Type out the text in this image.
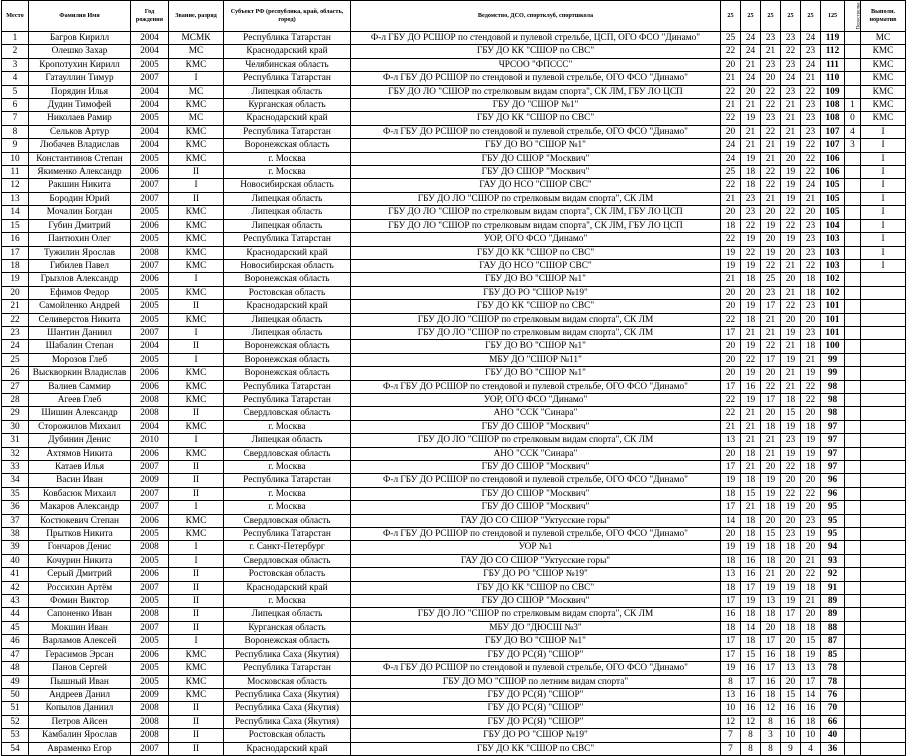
Место	Фамилия Имя	Год рождения	Звание, разряд	Субъект РФ (республика, край, область, город)	Ведомство, ДСО, спортклуб, спортшкола	25	25	25	25	25	125	Перестрелка	Выполн. норматив
1	Багров Кирилл	2004	МСМК	Республика Татарстан	Ф-л ГБУ ДО РСШОР по стендовой и пулевой стрельбе, ЦСП, ОГО ФСО "Динамо"	25	24	23	23	24	119		МС
2	Олешко Захар	2004	МС	Краснодарский край	ГБУ ДО КК "СШОР по СВС"	22	24	21	22	23	112		КМС
3	Кропотухин Кирилл	2005	КМС	Челябинская область	ЧРСОО "ФПССС"	20	21	23	23	24	111		КМС
4	Гатауллин Тимур	2007	I	Республика Татарстан	Ф-л ГБУ ДО РСШОР по стендовой и пулевой стрельбе, ОГО ФСО "Динамо"	21	24	20	24	21	110		КМС
5	Порядин Илья	2004	МС	Липецкая область	ГБУ ДО ЛО "СШОР по стрелковым видам спорта", СК ЛМ, ГБУ ЛО ЦСП	22	20	22	23	22	109		КМС
6	Дудин Тимофей	2004	КМС	Курганская область	ГБУ ДО "СШОР №1"	21	21	22	21	23	108	1	КМС
7	Николаев Рамир	2005	МС	Краснодарский край	ГБУ ДО КК "СШОР по СВС"	22	19	23	21	23	108	0	КМС
8	Сельков Артур	2004	КМС	Республика Татарстан	Ф-л ГБУ ДО РСШОР по стендовой и пулевой стрельбе, ОГО ФСО "Динамо"	20	21	22	21	23	107	4	I
9	Любачев Владислав	2004	КМС	Воронежская область	ГБУ ДО ВО "СШОР №1"	24	21	21	19	22	107	3	I
10	Константинов Степан	2005	КМС	г. Москва	ГБУ ДО СШОР "Москвич"	24	19	21	20	22	106		I
11	Якименко Александр	2006	II	г. Москва	ГБУ ДО СШОР "Москвич"	25	18	22	19	22	106		I
12	Ракшин Никита	2007	I	Новосибирская область	ГАУ ДО НСО "СШОР СВС"	22	18	22	19	24	105		I
13	Бородин Юрий	2007	II	Липецкая область	ГБУ ДО ЛО "СШОР по стрелковым видам спорта", СК ЛМ	21	23	21	19	21	105		I
14	Мочалин Богдан	2005	КМС	Липецкая область	ГБУ ДО ЛО "СШОР по стрелковым видам спорта", СК ЛМ, ГБУ ЛО ЦСП	20	23	20	22	20	105		I
15	Губин Дмитрий	2006	КМС	Липецкая область	ГБУ ДО ЛО "СШОР по стрелковым видам спорта", СК ЛМ, ГБУ ЛО ЦСП	18	22	19	22	23	104		I
16	Пантюхин Олег	2005	КМС	Республика Татарстан	УОР, ОГО ФСО "Динамо"	22	19	20	19	23	103		I
17	Тужилин Ярослав	2008	КМС	Краснодарский край	ГБУ ДО КК "СШОР по СВС"	19	22	19	20	23	103		I
18	Гибилев Павел	2007	КМС	Новосибирская область	ГАУ ДО НСО "СШОР СВС"	19	19	22	21	22	103		I
19	Грызлов Александр	2006	I	Воронежская область	ГБУ ДО ВО "СШОР №1"	21	18	25	20	18	102		
20	Ефимов Федор	2005	КМС	Ростовская область	ГБУ ДО РО "СШОР №19"	20	20	23	21	18	102		
21	Самойленко Андрей	2005	II	Краснодарский край	ГБУ ДО КК "СШОР по СВС"	20	19	17	22	23	101		
22	Селиверстов Никита	2005	КМС	Липецкая область	ГБУ ДО ЛО "СШОР по стрелковым видам спорта", СК ЛМ	22	18	21	20	20	101		
23	Шантин Даниил	2007	I	Липецкая область	ГБУ ДО ЛО "СШОР по стрелковым видам спорта", СК ЛМ	17	21	21	19	23	101		
24	Шабалин Степан	2004	II	Воронежская область	ГБУ ДО ВО "СШОР №1"	20	19	22	21	18	100		
25	Морозов Глеб	2005	I	Воронежская область	МБУ ДО "СШОР №11"	20	22	17	19	21	99		
26	Выскворкин Владислав	2006	КМС	Воронежская область	ГБУ ДО ВО "СШОР №1"	20	19	20	21	19	99		
27	Валиев Саммир	2006	КМС	Республика Татарстан	Ф-л ГБУ ДО РСШОР по стендовой и пулевой стрельбе, ОГО ФСО "Динамо"	17	16	22	21	22	98		
28	Агеев Глеб	2008	КМС	Республика Татарстан	УОР, ОГО ФСО "Динамо"	22	19	17	18	22	98		
29	Шишин Александр	2008	II	Свердловская область	АНО "ССК "Синара"	22	21	20	15	20	98		
30	Сторожилов Михаил	2004	КМС	г. Москва	ГБУ ДО СШОР "Москвич"	21	21	18	19	18	97		
31	Дубинин Денис	2010	I	Липецкая область	ГБУ ДО ЛО "СШОР по стрелковым видам спорта", СК ЛМ	13	21	21	23	19	97		
32	Ахтямов Никита	2006	КМС	Свердловская область	АНО "ССК "Синара"	20	18	21	19	19	97		
33	Катаев Илья	2007	II	г. Москва	ГБУ ДО СШОР "Москвич"	17	21	20	22	18	97		
34	Васин Иван	2009	II	Республика Татарстан	Ф-л ГБУ ДО РСШОР по стендовой и пулевой стрельбе, ОГО ФСО "Динамо"	19	18	19	20	20	96		
35	Ковбасюк Михаил	2007	II	г. Москва	ГБУ ДО СШОР "Москвич"	18	15	19	22	22	96		
36	Макаров Александр	2007	I	г. Москва	ГБУ ДО СШОР "Москвич"	17	21	18	19	20	95		
37	Костюкевич Степан	2006	КМС	Свердловская область	ГАУ ДО СО СШОР "Уктусские горы"	14	18	20	20	23	95		
38	Прытков Никита	2005	КМС	Республика Татарстан	Ф-л ГБУ ДО РСШОР по стендовой и пулевой стрельбе, ОГО ФСО "Динамо"	20	18	15	23	19	95		
39	Гончаров Денис	2008	I	г. Санкт-Петербург	УОР №1	19	19	18	18	20	94		
40	Кочурин Никита	2005	I	Свердловская область	ГАУ ДО СО СШОР "Уктусские горы"	18	16	18	20	21	93		
41	Серый Дмитрий	2006	II	Ростовская область	ГБУ ДО РО "СШОР №19"	13	16	21	20	22	92		
42	Россихин Артём	2007	II	Краснодарский край	ГБУ ДО КК "СШОР по СВС"	18	17	19	19	18	91		
43	Фомин Виктор	2005	II	г. Москва	ГБУ ДО СШОР "Москвич"	17	19	13	19	21	89		
44	Сапоненко Иван	2008	II	Липецкая область	ГБУ ДО ЛО "СШОР по стрелковым видам спорта", СК ЛМ	16	18	18	17	20	89		
45	Мокшин Иван	2007	II	Курганская область	МБУ ДО "ДЮСШ №3"	18	14	20	18	18	88		
46	Варламов Алексей	2005	I	Воронежская область	ГБУ ДО ВО "СШОР №1"	17	18	17	20	15	87		
47	Герасимов Эрсан	2006	КМС	Республика Саха (Якутия)	ГБУ ДО РС(Я) "СШОР"	17	15	16	18	19	85		
48	Панов Сергей	2005	КМС	Республика Татарстан	Ф-л ГБУ ДО РСШОР по стендовой и пулевой стрельбе, ОГО ФСО "Динамо"	19	16	17	13	13	78		
49	Пышный Иван	2005	КМС	Московская область	ГБУ ДО МО "СШОР по летним видам спорта"	8	17	16	20	17	78		
50	Андреев Данил	2009	КМС	Республика Саха (Якутия)	ГБУ ДО РС(Я) "СШОР"	13	16	18	15	14	76		
51	Копылов Даниил	2008	II	Республика Саха (Якутия)	ГБУ ДО РС(Я) "СШОР"	10	16	12	16	16	70		
52	Петров Айсен	2008	II	Республика Саха (Якутия)	ГБУ ДО РС(Я) "СШОР"	12	12	8	16	18	66		
53	Камбалин Ярослав	2008	II	Ростовская область	ГБУ ДО РО "СШОР №19"	7	8	3	10	10	40		
54	Авраменко Егор	2007	II	Краснодарский край	ГБУ ДО КК "СШОР по СВС"	7	8	8	9	4	36		
